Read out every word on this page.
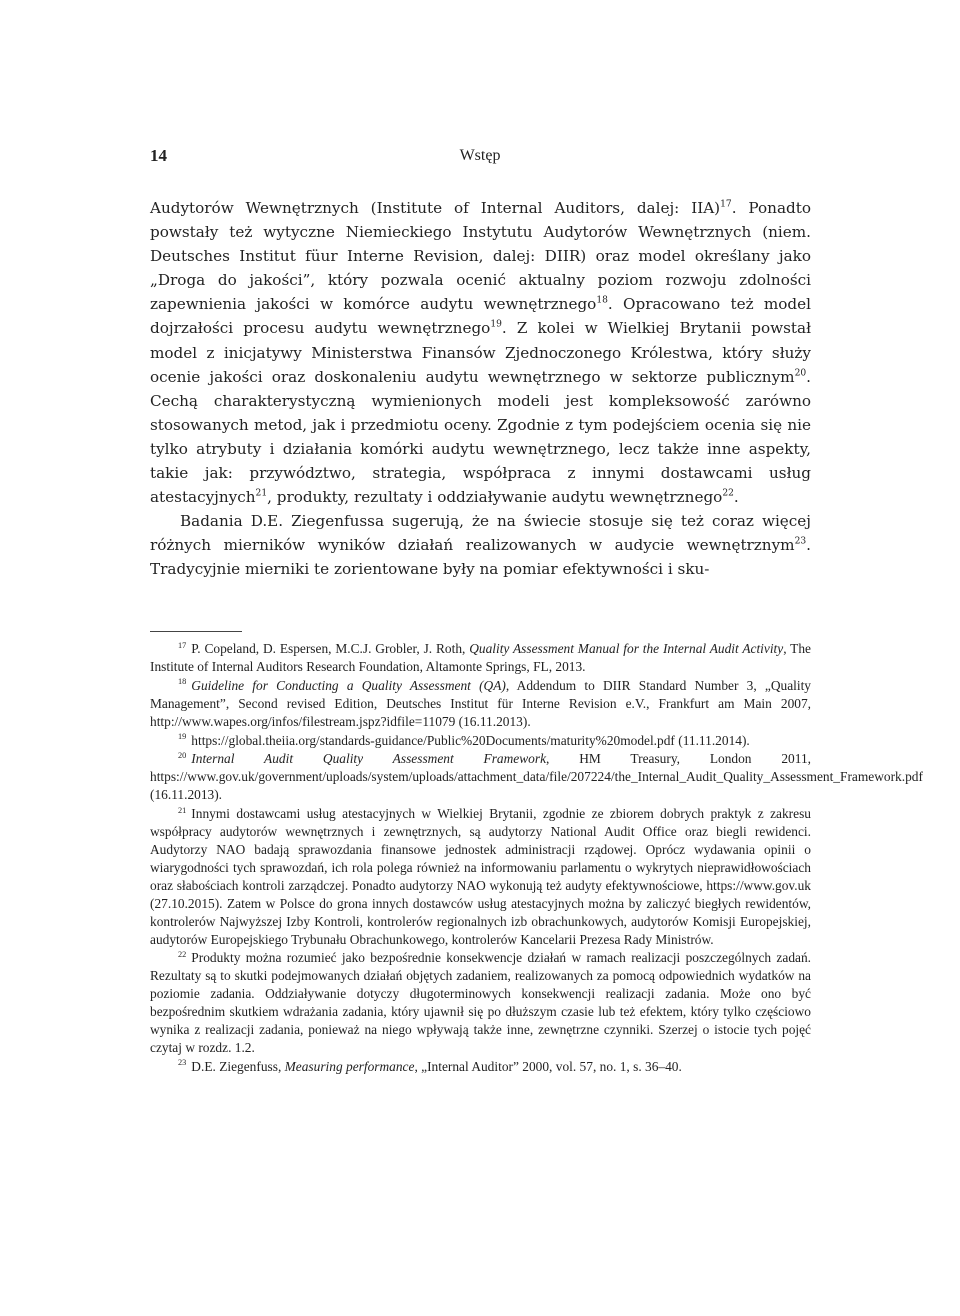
14	Wstęp

Audytorów Wewnętrznych (Institute of Internal Auditors, dalej: IIA)$^{17}$. Ponadto powstały też wytyczne Niemieckiego Instytutu Audytorów Wewnętrznych (niem. Deutsches Institut füur Interne Revision, dalej: DIIR) oraz model określany jako „Droga do jakości”, który pozwala ocenić aktualny poziom rozwoju zdolności zapewnienia jakości w komórce audytu wewnętrznego$^{18}$. Opracowano też model dojrzałości procesu audytu wewnętrznego$^{19}$. Z kolei w Wielkiej Brytanii powstał model z inicjatywy Ministerstwa Finansów Zjednoczonego Królestwa, który służy ocenie jakości oraz doskonaleniu audytu wewnętrznego w sektorze publicznym$^{20}$. Cechą charakterystyczną wymienionych modeli jest kompleksowość zarówno stosowanych metod, jak i przedmiotu oceny. Zgodnie z tym podejściem ocenia się nie tylko atrybuty i działania komórki audytu wewnętrznego, lecz także inne aspekty, takie jak: przywództwo, strategia, współpraca z innymi dostawcami usług atestacyjnych$^{21}$, produkty, rezultaty i oddziaływanie audytu wewnętrznego$^{22}$.

Badania D.E. Ziegenfussa sugerują, że na świecie stosuje się też coraz więcej różnych mierników wyników działań realizowanych w audycie wewnętrznym$^{23}$. Tradycyjnie mierniki te zorientowane były na pomiar efektywności i sku-

$^{17}$ P. Copeland, D. Espersen, M.C.J. Grobler, J. Roth, Quality Assessment Manual for the Internal Audit Activity, The Institute of Internal Auditors Research Foundation, Altamonte Springs, FL, 2013.

$^{18}$ Guideline for Conducting a Quality Assessment (QA), Addendum to DIIR Standard Number 3, „Quality Management”, Second revised Edition, Deutsches Institut für Interne Revision e.V., Frankfurt am Main 2007, http://www.wapes.org/infos/filestream.jspz?idfile=11079 (16.11.2013).

$^{19}$ https://global.theiia.org/standards-guidance/Public%20Documents/maturity%20model.pdf (11.11.2014).

$^{20}$ Internal Audit Quality Assessment Framework, HM Treasury, London 2011, https://www.gov.uk/government/uploads/system/uploads/attachment_data/file/207224/the_Internal_Audit_Quality_Assessment_Framework.pdf (16.11.2013).

$^{21}$ Innymi dostawcami usług atestacyjnych w Wielkiej Brytanii, zgodnie ze zbiorem dobrych praktyk z zakresu współpracy audytorów wewnętrznych i zewnętrznych, są audytorzy National Audit Office oraz biegli rewidenci. Audytorzy NAO badają sprawozdania finansowe jednostek administracji rządowej. Oprócz wydawania opinii o wiarygodności tych sprawozdań, ich rola polega również na informowaniu parlamentu o wykrytych nieprawidłowościach oraz słabościach kontroli zarządczej. Ponadto audytorzy NAO wykonują też audyty efektywnościowe, https://www.gov.uk (27.10.2015). Zatem w Polsce do grona innych dostawców usług atestacyjnych można by zaliczyć biegłych rewidentów, kontrolerów Najwyższej Izby Kontroli, kontrolerów regionalnych izb obrachunkowych, audytorów Komisji Europejskiej, audytorów Europejskiego Trybunału Obrachunkowego, kontrolerów Kancelarii Prezesa Rady Ministrów.

$^{22}$ Produkty można rozumieć jako bezpośrednie konsekwencje działań w ramach realizacji poszczególnych zadań. Rezultaty są to skutki podejmowanych działań objętych zadaniem, realizowanych za pomocą odpowiednich wydatków na poziomie zadania. Oddziaływanie dotyczy długoterminowych konsekwencji realizacji zadania. Może ono być bezpośrednim skutkiem wdrażania zadania, który ujawnił się po dłuższym czasie lub też efektem, który tylko częściowo wynika z realizacji zadania, ponieważ na niego wpływają także inne, zewnętrzne czynniki. Szerzej o istocie tych pojęć czytaj w rozdz. 1.2.

$^{23}$ D.E. Ziegenfuss, Measuring performance, „Internal Auditor” 2000, vol. 57, no. 1, s. 36–40.
